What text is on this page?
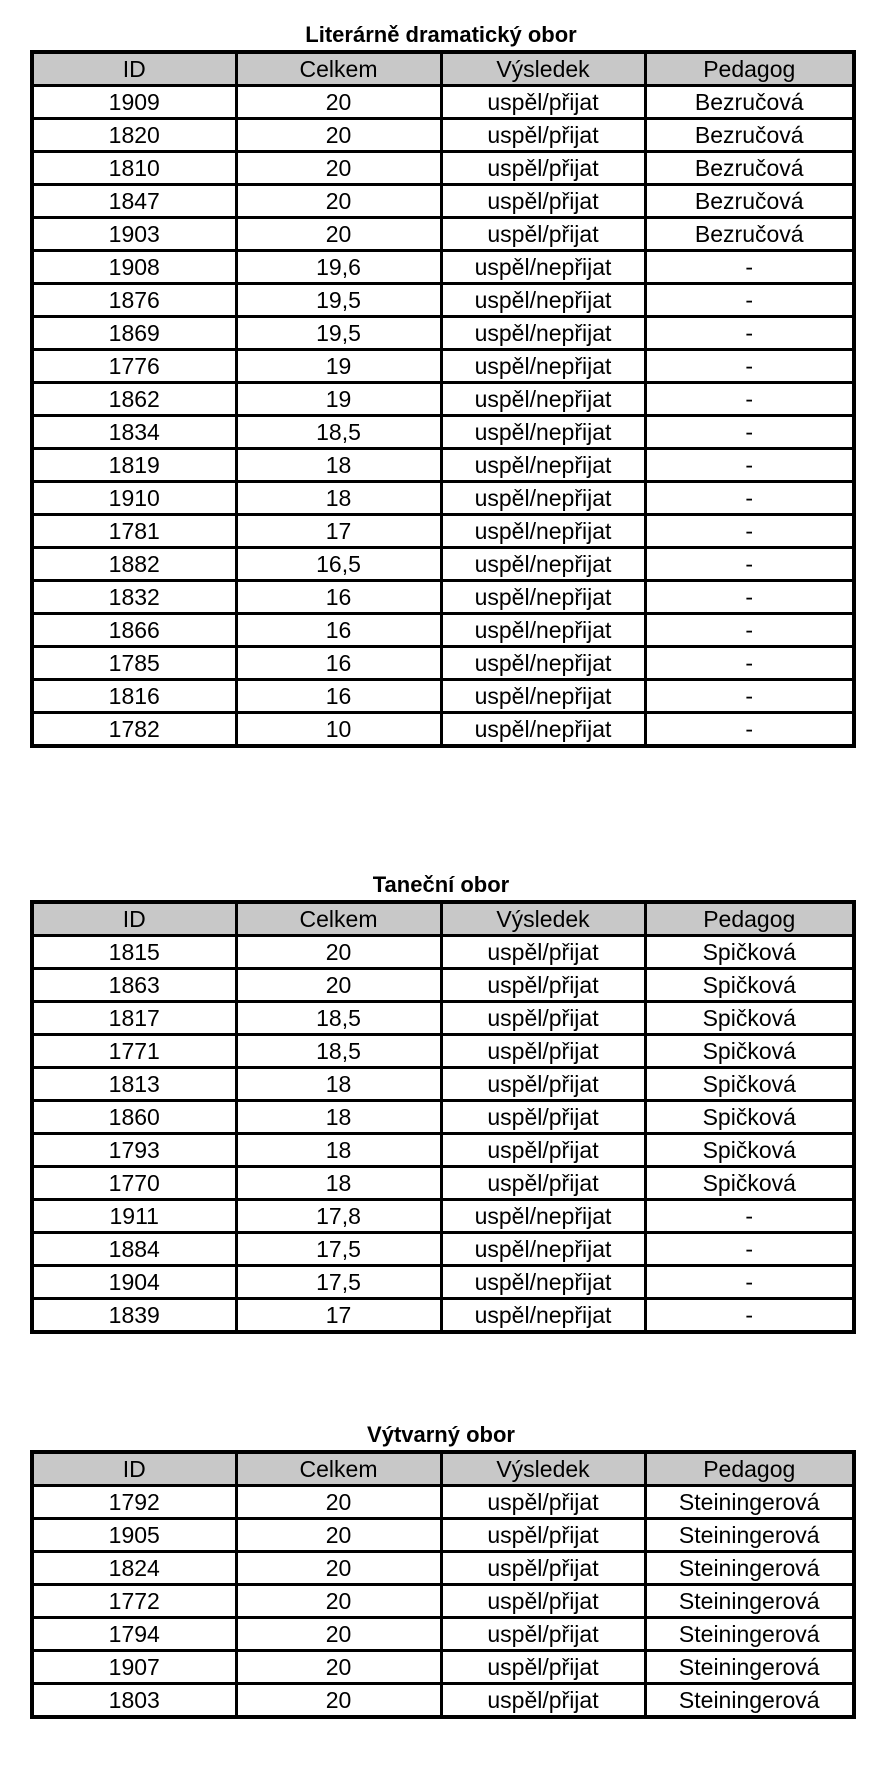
Literárně dramatický obor
ID	Celkem	Výsledek	Pedagog
1909	20	uspěl/přijat	Bezručová
1820	20	uspěl/přijat	Bezručová
1810	20	uspěl/přijat	Bezručová
1847	20	uspěl/přijat	Bezručová
1903	20	uspěl/přijat	Bezručová
1908	19,6	uspěl/nepřijat	-
1876	19,5	uspěl/nepřijat	-
1869	19,5	uspěl/nepřijat	-
1776	19	uspěl/nepřijat	-
1862	19	uspěl/nepřijat	-
1834	18,5	uspěl/nepřijat	-
1819	18	uspěl/nepřijat	-
1910	18	uspěl/nepřijat	-
1781	17	uspěl/nepřijat	-
1882	16,5	uspěl/nepřijat	-
1832	16	uspěl/nepřijat	-
1866	16	uspěl/nepřijat	-
1785	16	uspěl/nepřijat	-
1816	16	uspěl/nepřijat	-
1782	10	uspěl/nepřijat	-
Taneční obor
ID	Celkem	Výsledek	Pedagog
1815	20	uspěl/přijat	Spičková
1863	20	uspěl/přijat	Spičková
1817	18,5	uspěl/přijat	Spičková
1771	18,5	uspěl/přijat	Spičková
1813	18	uspěl/přijat	Spičková
1860	18	uspěl/přijat	Spičková
1793	18	uspěl/přijat	Spičková
1770	18	uspěl/přijat	Spičková
1911	17,8	uspěl/nepřijat	-
1884	17,5	uspěl/nepřijat	-
1904	17,5	uspěl/nepřijat	-
1839	17	uspěl/nepřijat	-
Výtvarný obor
ID	Celkem	Výsledek	Pedagog
1792	20	uspěl/přijat	Steiningerová
1905	20	uspěl/přijat	Steiningerová
1824	20	uspěl/přijat	Steiningerová
1772	20	uspěl/přijat	Steiningerová
1794	20	uspěl/přijat	Steiningerová
1907	20	uspěl/přijat	Steiningerová
1803	20	uspěl/přijat	Steiningerová
